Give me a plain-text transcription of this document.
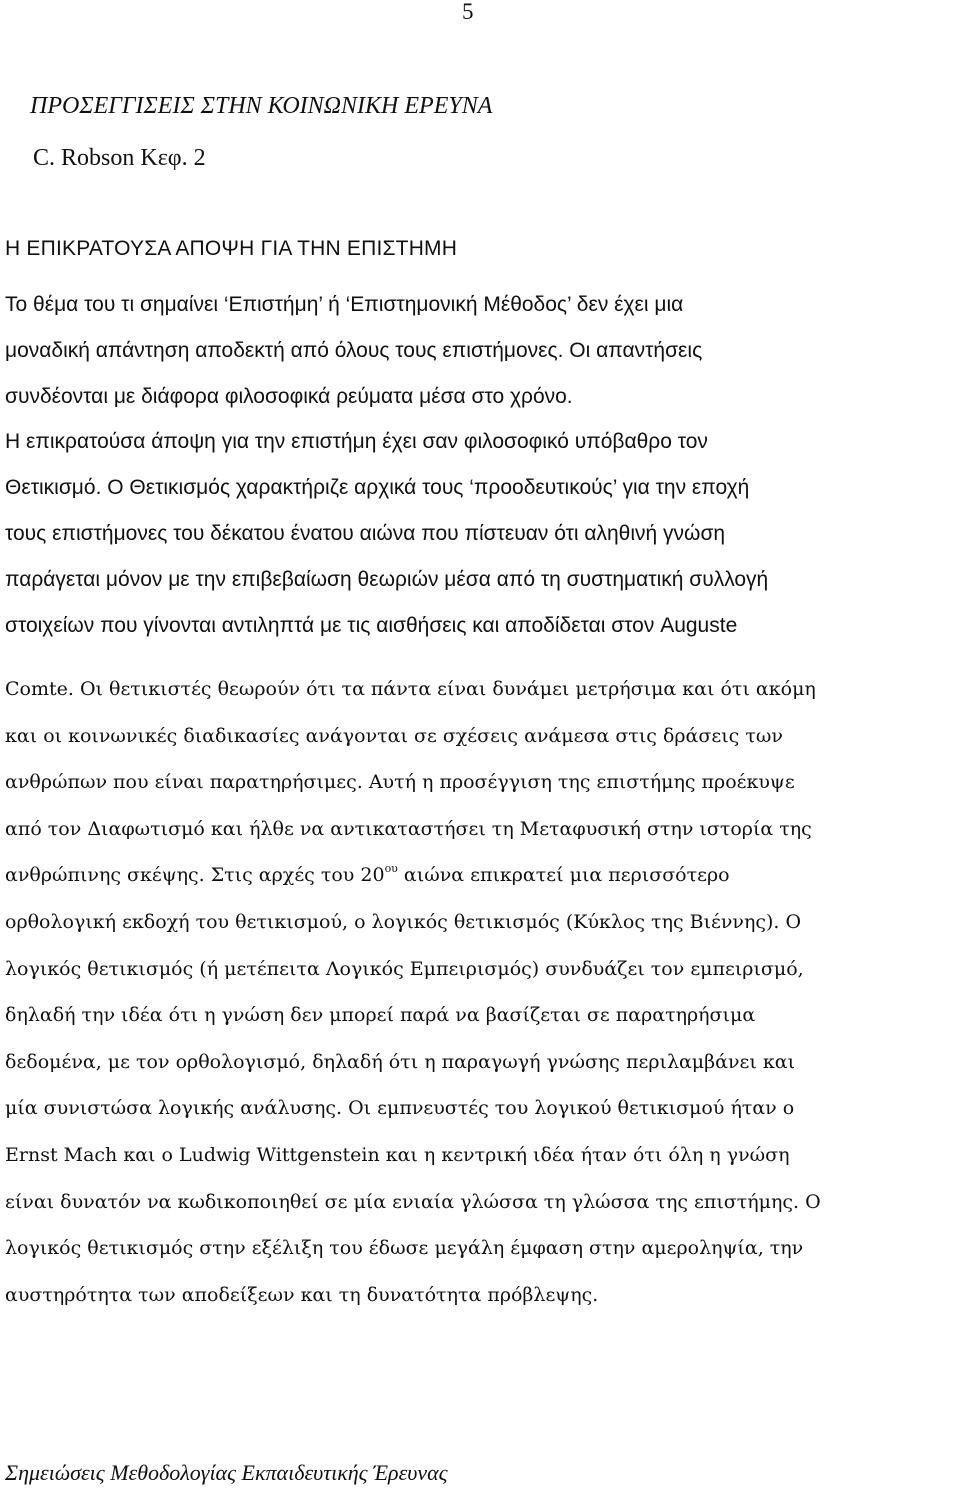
5
ΠΡΟΣΕΓΓΙΣΕΙΣ ΣΤΗΝ ΚΟΙΝΩΝΙΚΗ ΕΡΕΥΝΑ
C. Robson Κεφ. 2
Η ΕΠΙΚΡΑΤΟΥΣΑ ΑΠΟΨΗ ΓΙΑ ΤΗΝ ΕΠΙΣΤΗΜΗ
Το θέμα του τι σημαίνει ‘Επιστήμη’ ή ‘Επιστημονική Μέθοδος’ δεν έχει μια
μοναδική απάντηση αποδεκτή από όλους τους επιστήμονες. Οι απαντήσεις
συνδέονται με διάφορα φιλοσοφικά ρεύματα μέσα στο χρόνο.
Η επικρατούσα άποψη για την επιστήμη έχει σαν φιλοσοφικό υπόβαθρο τον
Θετικισμό. Ο Θετικισμός χαρακτήριζε αρχικά τους ‘προοδευτικούς’ για την εποχή
τους επιστήμονες του δέκατου ένατου αιώνα που πίστευαν ότι αληθινή γνώση
παράγεται μόνον με την επιβεβαίωση θεωριών μέσα από τη συστηματική συλλογή
στοιχείων που γίνονται αντιληπτά με τις αισθήσεις και αποδίδεται στον Auguste
Comte. Οι θετικιστές θεωρούν ότι τα πάντα είναι δυνάμει μετρήσιμα και ότι ακόμη
και οι κοινωνικές διαδικασίες ανάγονται σε σχέσεις ανάμεσα στις δράσεις των
ανθρώπων που είναι παρατηρήσιμες. Αυτή η προσέγγιση της επιστήμης προέκυψε
από τον Διαφωτισμό και ήλθε να αντικαταστήσει τη Μεταφυσική στην ιστορία της
ανθρώπινης σκέψης. Στις αρχές του $20^{o\upsilon}$ αιώνα επικρατεί μια περισσότερο
ορθολογική εκδοχή του θετικισμού, ο λογικός θετικισμός (Κύκλος της Βιέννης). Ο
λογικός θετικισμός (ή μετέπειτα Λογικός Εμπειρισμός) συνδυάζει τον εμπειρισμό,
δηλαδή την ιδέα ότι η γνώση δεν μπορεί παρά να βασίζεται σε παρατηρήσιμα
δεδομένα, με τον ορθολογισμό, δηλαδή ότι η παραγωγή γνώσης περιλαμβάνει και
μία συνιστώσα λογικής ανάλυσης. Οι εμπνευστές του λογικού θετικισμού ήταν ο
Ernst Mach και ο Ludwig Wittgenstein και η κεντρική ιδέα ήταν ότι όλη η γνώση
είναι δυνατόν να κωδικοποιηθεί σε μία ενιαία γλώσσα τη γλώσσα της επιστήμης. Ο
λογικός θετικισμός στην εξέλιξη του έδωσε μεγάλη έμφαση στην αμεροληψία, την
αυστηρότητα των αποδείξεων και τη δυνατότητα πρόβλεψης.
Σημειώσεις Μεθοδολογίας Εκπαιδευτικής Έρευνας
